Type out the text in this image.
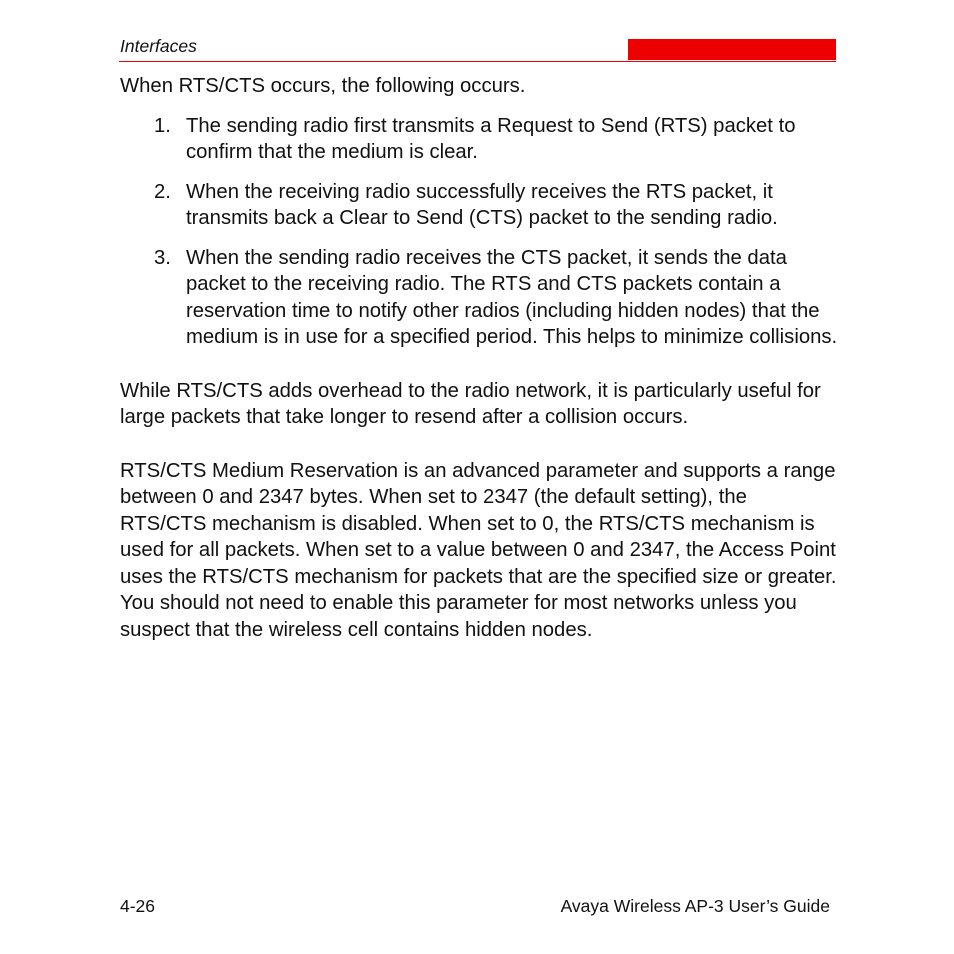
Interfaces

When RTS/CTS occurs, the following occurs.

1. The sending radio first transmits a Request to Send (RTS) packet to confirm that the medium is clear.
2. When the receiving radio successfully receives the RTS packet, it transmits back a Clear to Send (CTS) packet to the sending radio.
3. When the sending radio receives the CTS packet, it sends the data packet to the receiving radio. The RTS and CTS packets contain a reservation time to notify other radios (including hidden nodes) that the medium is in use for a specified period. This helps to minimize collisions.

While RTS/CTS adds overhead to the radio network, it is particularly useful for large packets that take longer to resend after a collision occurs.

RTS/CTS Medium Reservation is an advanced parameter and supports a range between 0 and 2347 bytes. When set to 2347 (the default setting), the RTS/CTS mechanism is disabled. When set to 0, the RTS/CTS mechanism is used for all packets. When set to a value between 0 and 2347, the Access Point uses the RTS/CTS mechanism for packets that are the specified size or greater. You should not need to enable this parameter for most networks unless you suspect that the wireless cell contains hidden nodes.

4-26	Avaya Wireless AP-3 User’s Guide
